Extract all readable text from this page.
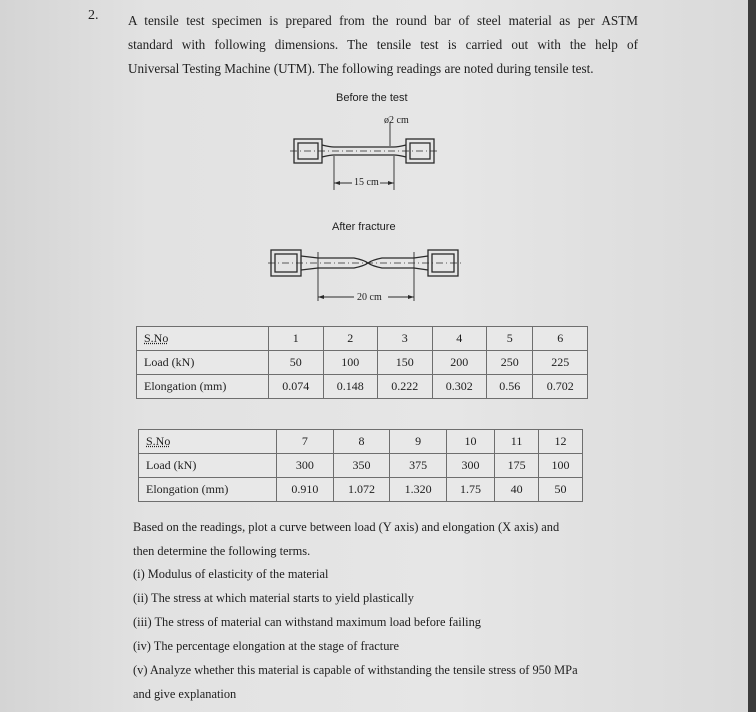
2. A tensile test specimen is prepared from the round bar of steel material as per ASTM
standard with following dimensions. The tensile test is carried out with the help of
Universal Testing Machine (UTM). The following readings are noted during tensile test.
Before the test
ø2 cm
15 cm
After fracture
20 cm
S.No	1	2	3	4	5	6
Load (kN)	50	100	150	200	250	225
Elongation (mm)	0.074	0.148	0.222	0.302	0.56	0.702
S.No	7	8	9	10	11	12
Load (kN)	300	350	375	300	175	100
Elongation (mm)	0.910	1.072	1.320	1.75	40	50
Based on the readings, plot a curve between load (Y axis) and elongation (X axis) and
then determine the following terms.
(i) Modulus of elasticity of the material
(ii) The stress at which material starts to yield plastically
(iii) The stress of material can withstand maximum load before failing
(iv) The percentage elongation at the stage of fracture
(v) Analyze whether this material is capable of withstanding the tensile stress of 950 MPa
and give explanation
